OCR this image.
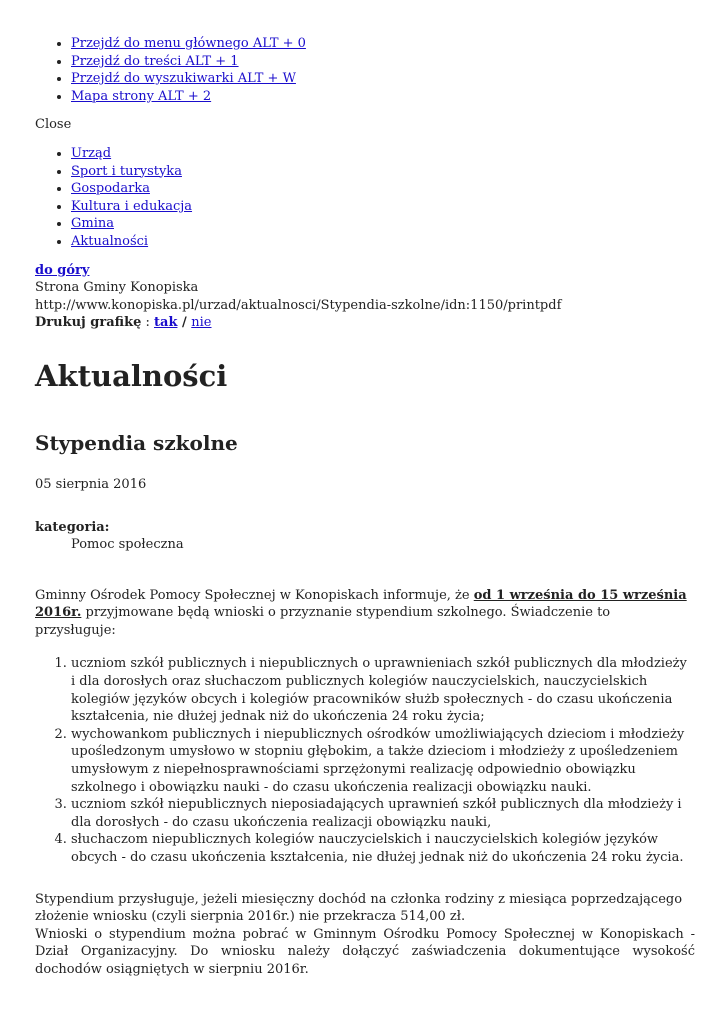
• Przejdź do menu głównego ALT + 0
• Przejdź do treści ALT + 1
• Przejdź do wyszukiwarki ALT + W
• Mapa strony ALT + 2
Close
• Urząd
• Sport i turystyka
• Gospodarka
• Kultura i edukacja
• Gmina
• Aktualności
do góry
Strona Gminy Konopiska
http://www.konopiska.pl/urzad/aktualnosci/Stypendia-szkolne/idn:1150/printpdf
Drukuj grafikę : tak / nie
Aktualności
Stypendia szkolne
05 sierpnia 2016
kategoria:
Pomoc społeczna

Gminny Ośrodek Pomocy Społecznej w Konopiskach informuje, że od 1 września do 15 września 2016r. przyjmowane będą wnioski o przyznanie stypendium szkolnego. Świadczenie to przysługuje:

1. uczniom szkół publicznych i niepublicznych o uprawnieniach szkół publicznych dla młodzieży i dla dorosłych oraz słuchaczom publicznych kolegiów nauczycielskich, nauczycielskich kolegiów języków obcych i kolegiów pracowników służb społecznych - do czasu ukończenia kształcenia, nie dłużej jednak niż do ukończenia 24 roku życia;
2. wychowankom publicznych i niepublicznych ośrodków umożliwiających dzieciom i młodzieży upośledzonym umysłowo w stopniu głębokim, a także dzieciom i młodzieży z upośledzeniem umysłowym z niepełnosprawnościami sprzężonymi realizację odpowiednio obowiązku szkolnego i obowiązku nauki - do czasu ukończenia realizacji obowiązku nauki.
3. uczniom szkół niepublicznych nieposiadających uprawnień szkół publicznych dla młodzieży i dla dorosłych - do czasu ukończenia realizacji obowiązku nauki,
4. słuchaczom niepublicznych kolegiów nauczycielskich i nauczycielskich kolegiów języków obcych - do czasu ukończenia kształcenia, nie dłużej jednak niż do ukończenia 24 roku życia.

Stypendium przysługuje, jeżeli miesięczny dochód na członka rodziny z miesiąca poprzedzającego złożenie wniosku (czyli sierpnia 2016r.) nie przekracza 514,00 zł.

Wnioski o stypendium można pobrać w Gminnym Ośrodku Pomocy Społecznej w Konopiskach - Dział Organizacyjny. Do wniosku należy dołączyć zaświadczenia dokumentujące wysokość dochodów osiągniętych w sierpniu 2016r.
